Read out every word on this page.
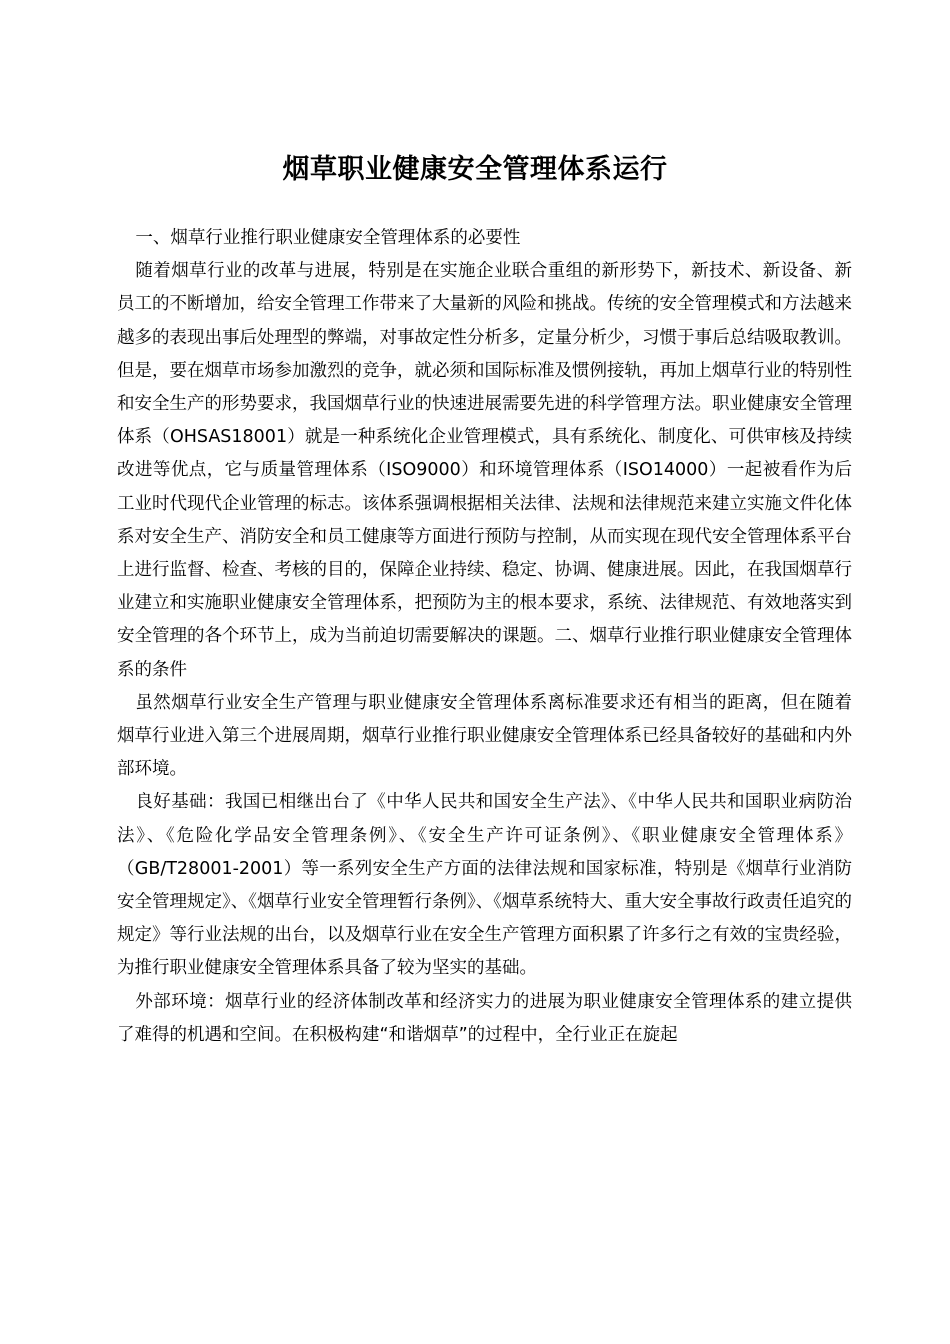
烟草职业健康安全管理体系运行

一、烟草行业推行职业健康安全管理体系的必要性

随着烟草行业的改革与进展，特别是在实施企业联合重组的新形势下，新技术、新设备、新员工的不断增加，给安全管理工作带来了大量新的风险和挑战。传统的安全管理模式和方法越来越多的表现出事后处理型的弊端，对事故定性分析多，定量分析少，习惯于事后总结吸取教训。但是，要在烟草市场参加激烈的竞争，就必须和国际标准及惯例接轨，再加上烟草行业的特别性和安全生产的形势要求，我国烟草行业的快速进展需要先进的科学管理方法。职业健康安全管理体系（OHSAS18001）就是一种系统化企业管理模式，具有系统化、制度化、可供审核及持续改进等优点，它与质量管理体系（ISO9000）和环境管理体系（ISO14000）一起被看作为后工业时代现代企业管理的标志。该体系强调根据相关法律、法规和法律规范来建立实施文件化体系对安全生产、消防安全和员工健康等方面进行预防与控制，从而实现在现代安全管理体系平台上进行监督、检查、考核的目的，保障企业持续、稳定、协调、健康进展。因此，在我国烟草行业建立和实施职业健康安全管理体系，把预防为主的根本要求，系统、法律规范、有效地落实到安全管理的各个环节上，成为当前迫切需要解决的课题。二、烟草行业推行职业健康安全管理体系的条件

虽然烟草行业安全生产管理与职业健康安全管理体系离标准要求还有相当的距离，但在随着烟草行业进入第三个进展周期，烟草行业推行职业健康安全管理体系已经具备较好的基础和内外部环境。

良好基础：我国已相继出台了《中华人民共和国安全生产法》、《中华人民共和国职业病防治法》、《危险化学品安全管理条例》、《安全生产许可证条例》、《职业健康安全管理体系》（GB/T28001-2001）等一系列安全生产方面的法律法规和国家标准，特别是《烟草行业消防安全管理规定》、《烟草行业安全管理暂行条例》、《烟草系统特大、重大安全事故行政责任追究的规定》等行业法规的出台，以及烟草行业在安全生产管理方面积累了许多行之有效的宝贵经验，为推行职业健康安全管理体系具备了较为坚实的基础。

外部环境：烟草行业的经济体制改革和经济实力的进展为职业健康安全管理体系的建立提供了难得的机遇和空间。在积极构建“和谐烟草”的过程中，全行业正在旋起
